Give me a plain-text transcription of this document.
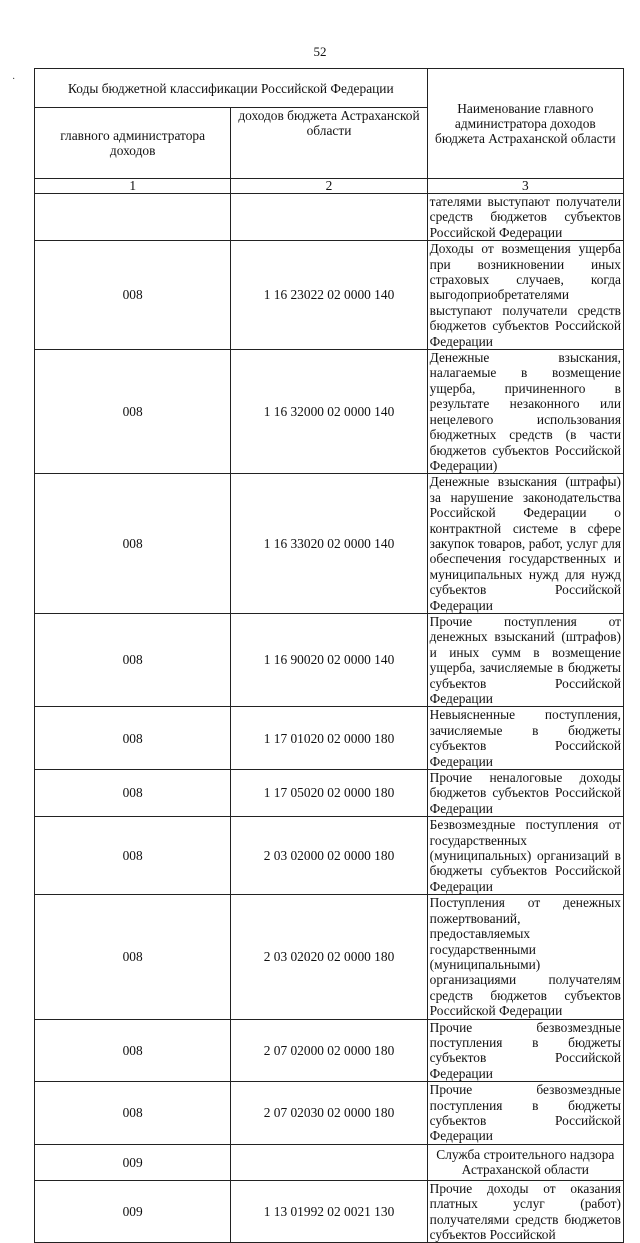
52
·
Коды бюджетной классификации Российской Федерации		Наименование главного администратора доходов бюджета Астраханской области
главного администратора доходов	доходов бюджета Астраханской области	
1	2	3
		тателями выступают получатели средств бюджетов субъектов Российской Федерации
008	1 16 23022 02 0000 140	Доходы от возмещения ущерба при возникновении иных страховых случаев, когда выгодоприобретателями выступают получатели средств бюджетов субъектов Российской Федерации
008	1 16 32000 02 0000 140	Денежные взыскания, налагаемые в возмещение ущерба, причиненного в результате незаконного или нецелевого использования бюджетных средств (в части бюджетов субъектов Российской Федерации)
008	1 16 33020 02 0000 140	Денежные взыскания (штрафы) за нарушение законодательства Российской Федерации о контрактной системе в сфере закупок товаров, работ, услуг для обеспечения государственных и муниципальных нужд для нужд субъектов Российской Федерации
008	1 16 90020 02 0000 140	Прочие поступления от денежных взысканий (штрафов) и иных сумм в возмещение ущерба, зачисляемые в бюджеты субъектов Российской Федерации
008	1 17 01020 02 0000 180	Невыясненные поступления, зачисляемые в бюджеты субъектов Российской Федерации
008	1 17 05020 02 0000 180	Прочие неналоговые доходы бюджетов субъектов Российской Федерации
008	2 03 02000 02 0000 180	Безвозмездные поступления от государственных (муниципальных) организаций в бюджеты субъектов Российской Федерации
008	2 03 02020 02 0000 180	Поступления от денежных пожертвований, предоставляемых государственными (муниципальными) организациями получателям средств бюджетов субъектов Российской Федерации
008	2 07 02000 02 0000 180	Прочие безвозмездные поступления в бюджеты субъектов Российской Федерации
008	2 07 02030 02 0000 180	Прочие безвозмездные поступления в бюджеты субъектов Российской Федерации
009		Служба строительного надзора Астраханской области
009	1 13 01992 02 0021 130	Прочие доходы от оказания платных услуг (работ) получателями средств бюджетов субъектов Российской
